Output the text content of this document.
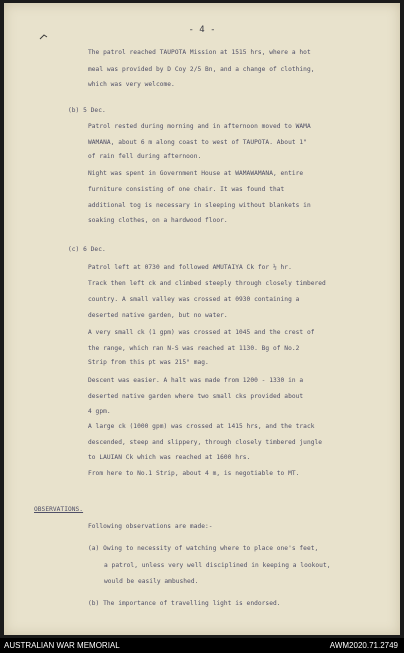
- 4 -
The patrol reached TAUPOTA Mission at 1515 hrs, where a hot
meal was provided by D Coy 2/5 Bn, and a change of clothing,
which was very welcome.
(b) 5 Dec.
Patrol rested during morning and in afternoon moved to WAMA
WAMANA, about 6 m along coast to west of TAUPOTA. About 1"
of rain fell during afternoon.
Night was spent in Government House at WAMAWAMANA, entire
furniture consisting of one chair. It was found that
additional tog is necessary in sleeping without blankets in
soaking clothes, on a hardwood floor.
(c) 6 Dec.
Patrol left at 0730 and followed AMUTAIYA Ck for ½ hr.
Track then left ck and climbed steeply through closely timbered
country. A small valley was crossed at 0930 containing a
deserted native garden, but no water.
A very small ck (1 gpm) was crossed at 1045 and the crest of
the range, which ran N-S was reached at 1130. Bg of No.2
Strip from this pt was 215° mag.
Descent was easier. A halt was made from 1200 - 1330 in a
deserted native garden where two small cks provided about
4 gpm.
A large ck (1000 gpm) was crossed at 1415 hrs, and the track
descended, steep and slippery, through closely timbered jungle
to LAUIAN Ck which was reached at 1600 hrs.
From here to No.1 Strip, about 4 m, is negotiable to MT.
OBSERVATIONS.
Following observations are made:-
(a) Owing to necessity of watching where to place one's feet,
a patrol, unless very well disciplined in keeping a lookout,
would be easily ambushed.
(b) The importance of travelling light is endorsed.
AUSTRALIAN WAR MEMORIAL	AWM2020.71.2749
